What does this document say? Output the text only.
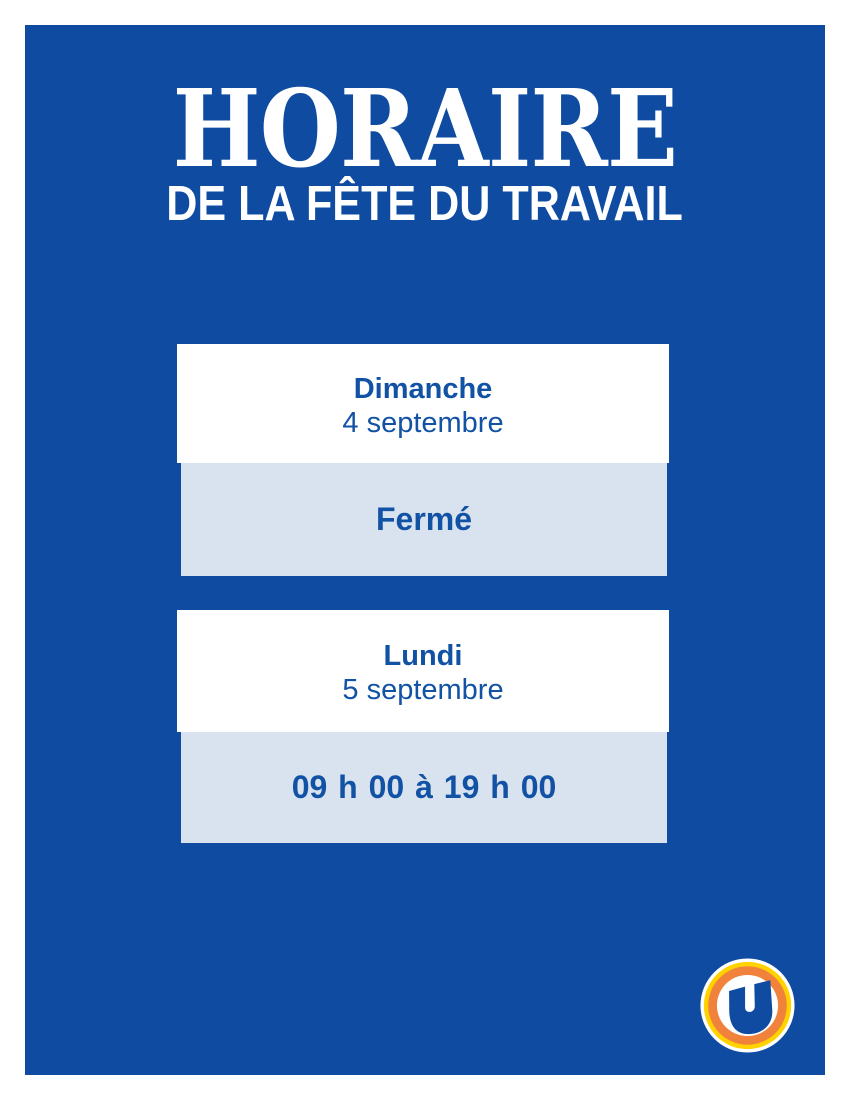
HORAIRE
DE LA FÊTE DU TRAVAIL
Dimanche
4 septembre
Fermé
Lundi
5 septembre
09 h 00 à 19 h 00
